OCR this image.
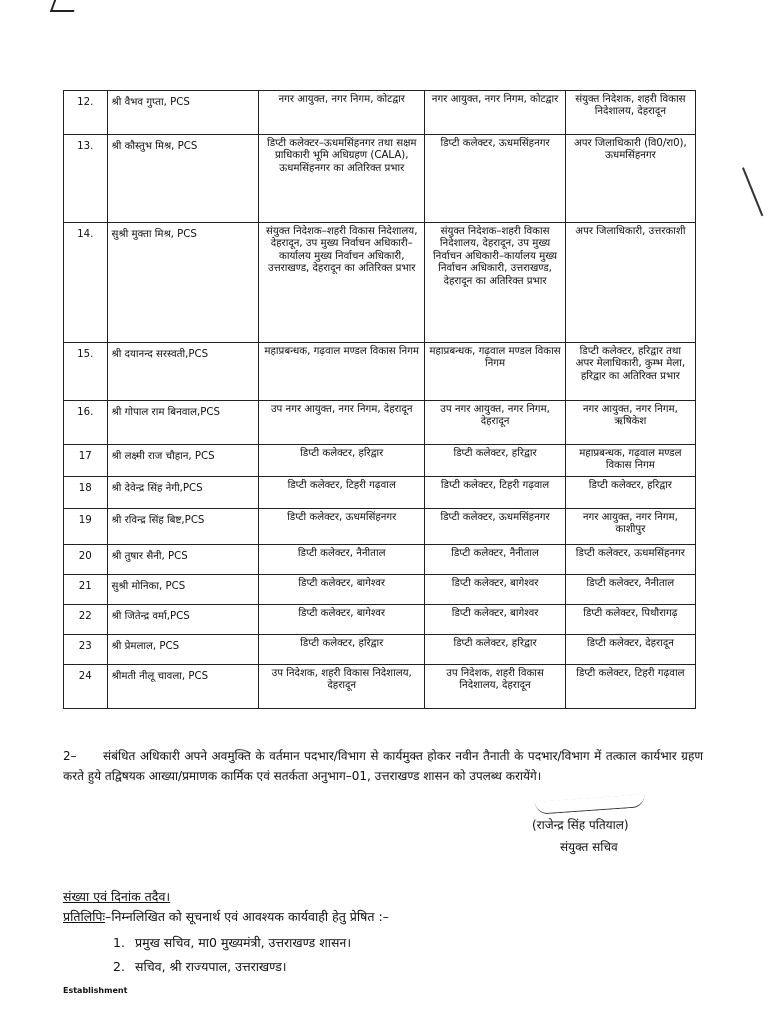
12.	श्री वैभव गुप्ता, PCS	नगर आयुक्त, नगर निगम, कोटद्वार	नगर आयुक्त, नगर निगम, कोटद्वार	संयुक्त निदेशक, शहरी विकास निदेशालय, देहरादून
13.	श्री कौस्तुभ मिश्र, PCS	डिप्टी कलेक्टर–ऊधमसिंहनगर तथा सक्षम प्राधिकारी भूमि अधिग्रहण (CALA), ऊधमसिंहनगर का अतिरिक्त प्रभार	डिप्टी कलेक्टर, ऊधमसिंहनगर	अपर जिलाधिकारी (वि0/रा0), ऊधमसिंहनगर
14.	सुश्री मुक्ता मिश्र, PCS	संयुक्त निदेशक–शहरी विकास निदेशालय, देहरादून, उप मुख्य निर्वाचन अधिकारी–कार्यालय मुख्य निर्वाचन अधिकारी, उत्तराखण्ड, देहरादून का अतिरिक्त प्रभार	संयुक्त निदेशक–शहरी विकास निदेशालय, देहरादून, उप मुख्य निर्वाचन अधिकारी–कार्यालय मुख्य निर्वाचन अधिकारी, उत्तराखण्ड, देहरादून का अतिरिक्त प्रभार	अपर जिलाधिकारी, उत्तरकाशी
15.	श्री दयानन्द सरस्वती,PCS	महाप्रबन्धक, गढ़वाल मण्डल विकास निगम	महाप्रबन्धक, गढ़वाल मण्डल विकास निगम	डिप्टी कलेक्टर, हरिद्वार तथा अपर मेलाधिकारी, कुम्भ मेला, हरिद्वार का अतिरिक्त प्रभार
16.	श्री गोपाल राम बिनवाल,PCS	उप नगर आयुक्त, नगर निगम, देहरादून	उप नगर आयुक्त, नगर निगम, देहरादून	नगर आयुक्त, नगर निगम, ऋषिकेश
17	श्री लक्ष्मी राज चौहान, PCS	डिप्टी कलेक्टर, हरिद्वार	डिप्टी कलेक्टर, हरिद्वार	महाप्रबन्धक, गढ़वाल मण्डल विकास निगम
18	श्री देवेन्द्र सिंह नेगी,PCS	डिप्टी कलेक्टर, टिहरी गढ़वाल	डिप्टी कलेक्टर, टिहरी गढ़वाल	डिप्टी कलेक्टर, हरिद्वार
19	श्री रविन्द्र सिंह बिष्ट,PCS	डिप्टी कलेक्टर, ऊधमसिंहनगर	डिप्टी कलेक्टर, ऊधमसिंहनगर	नगर आयुक्त, नगर निगम, काशीपुर
20	श्री तुषार सैनी, PCS	डिप्टी कलेक्टर, नैनीताल	डिप्टी कलेक्टर, नैनीताल	डिप्टी कलेक्टर, ऊधमसिंहनगर
21	सुश्री मोनिका, PCS	डिप्टी कलेक्टर, बागेश्वर	डिप्टी कलेक्टर, बागेश्वर	डिप्टी कलेक्टर, नैनीताल
22	श्री जितेन्द्र वर्मा,PCS	डिप्टी कलेक्टर, बागेश्वर	डिप्टी कलेक्टर, बागेश्वर	डिप्टी कलेक्टर, पिथौरागढ़
23	श्री प्रेमलाल, PCS	डिप्टी कलेक्टर, हरिद्वार	डिप्टी कलेक्टर, हरिद्वार	डिप्टी कलेक्टर, देहरादून
24	श्रीमती नीलू चावला, PCS	उप निदेशक, शहरी विकास निदेशालय, देहरादून	उप निदेशक, शहरी विकास निदेशालय, देहरादून	डिप्टी कलेक्टर, टिहरी गढ़वाल
2– संबंधित अधिकारी अपने अवमुक्ति के वर्तमान पदभार/विभाग से कार्यमुक्त होकर नवीन तैनाती के पदभार/विभाग में तत्काल कार्यभार ग्रहण करते हुये तद्विषयक आख्या/प्रमाणक कार्मिक एवं सतर्कता अनुभाग–01, उत्तराखण्ड शासन को उपलब्ध करायेंगे।
(राजेन्द्र सिंह पतियाल)
संयुक्त सचिव
संख्या एवं दिनांक तदैव।
प्रतिलिपिः–निम्नलिखित को सूचनार्थ एवं आवश्यक कार्यवाही हेतु प्रेषित :–
1. प्रमुख सचिव, मा0 मुख्यमंत्री, उत्तराखण्ड शासन।
2. सचिव, श्री राज्यपाल, उत्तराखण्ड।
Establishment
